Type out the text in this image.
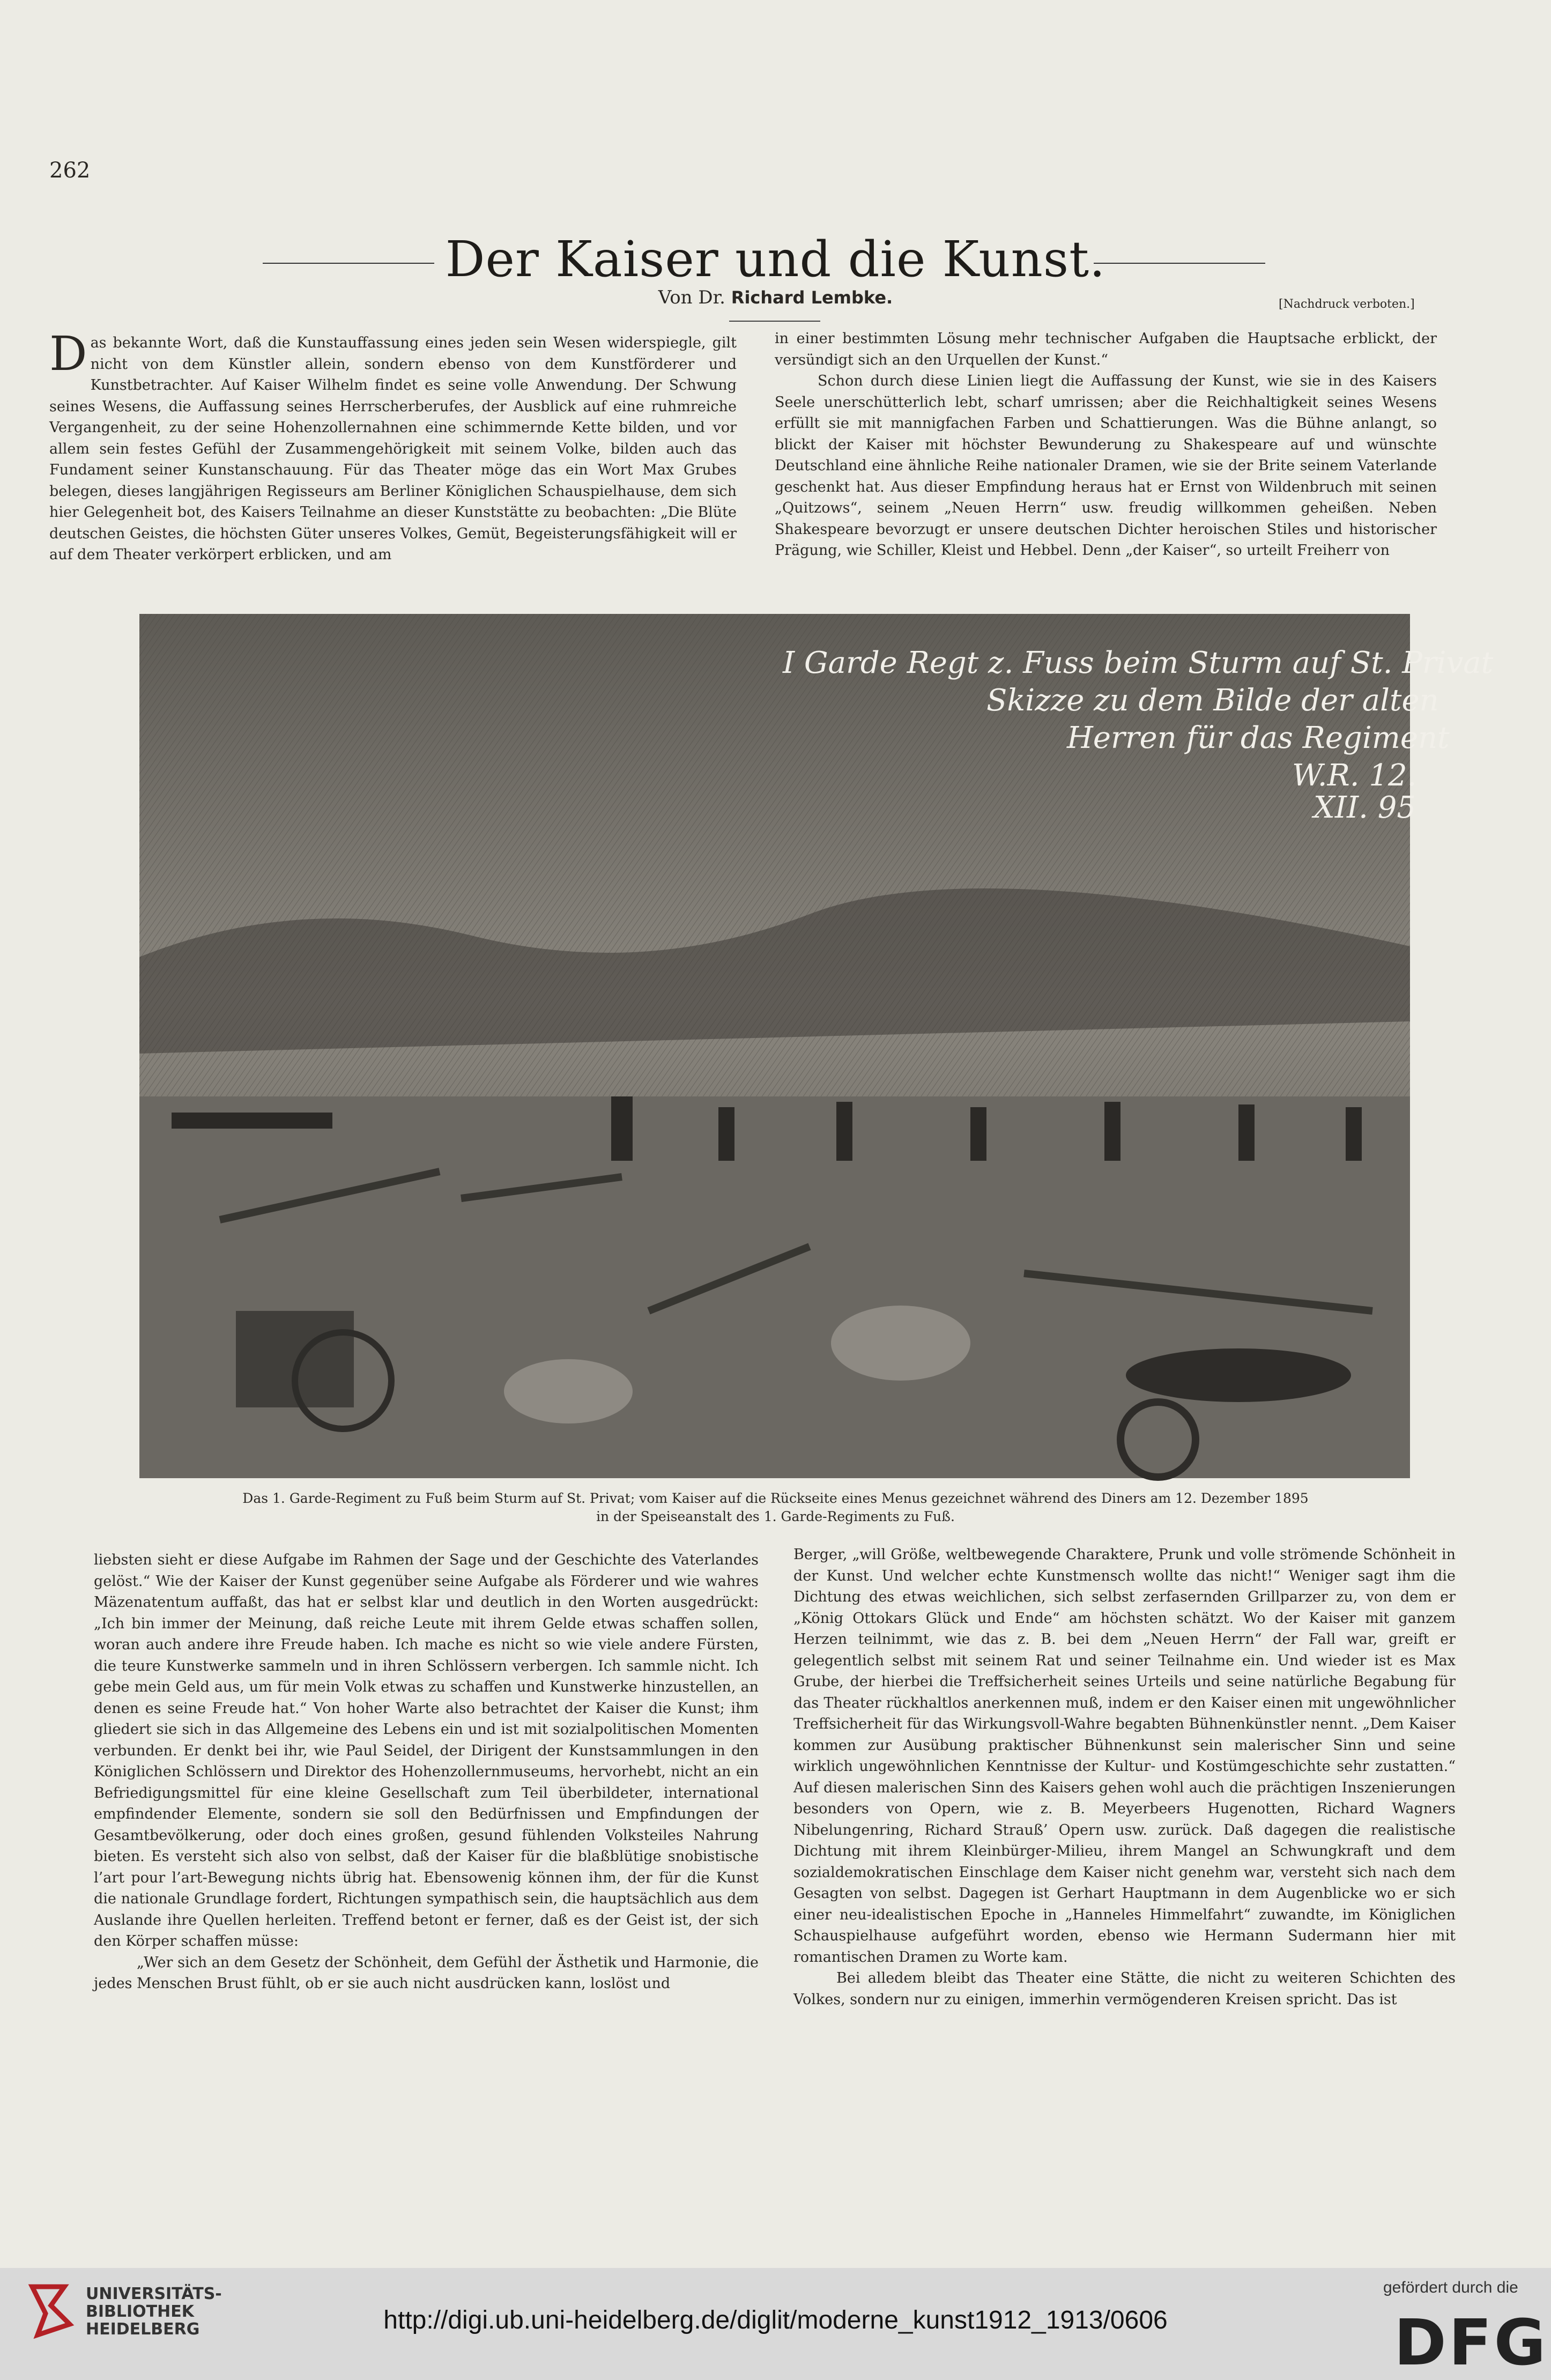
262
Der Kaiser und die Kunst.
Von Dr. Richard Lembke.	[Nachdruck verboten.]

Das bekannte Wort, daß die Kunstauffassung eines jeden sein Wesen widerspiegle, gilt nicht von dem Künstler allein, sondern ebenso von dem Kunstförderer und Kunstbetrachter. Auf Kaiser Wilhelm findet es seine volle Anwendung. Der Schwung seines Wesens, die Auffassung seines Herrscherberufes, der Ausblick auf eine ruhmreiche Vergangenheit, zu der seine Hohenzollernahnen eine schimmernde Kette bilden, und vor allem sein festes Gefühl der Zusammengehörigkeit mit seinem Volke, bilden auch das Fundament seiner Kunstanschauung. Für das Theater möge das ein Wort Max Grubes belegen, dieses langjährigen Regisseurs am Berliner Königlichen Schauspielhause, dem sich hier Gelegenheit bot, des Kaisers Teilnahme an dieser Kunststätte zu beobachten: „Die Blüte deutschen Geistes, die höchsten Güter unseres Volkes, Gemüt, Begeisterungsfähigkeit will er auf dem Theater verkörpert erblicken, und am

in einer bestimmten Lösung mehr technischer Aufgaben die Hauptsache erblickt, der versündigt sich an den Urquellen der Kunst.“

Schon durch diese Linien liegt die Auffassung der Kunst, wie sie in des Kaisers Seele unerschütterlich lebt, scharf umrissen; aber die Reichhaltigkeit seines Wesens erfüllt sie mit mannigfachen Farben und Schattierungen. Was die Bühne anlangt, so blickt der Kaiser mit höchster Bewunderung zu Shakespeare auf und wünschte Deutschland eine ähnliche Reihe nationaler Dramen, wie sie der Brite seinem Vaterlande geschenkt hat. Aus dieser Empfindung heraus hat er Ernst von Wildenbruch mit seinen „Quitzows“, seinem „Neuen Herrn“ usw. freudig willkommen geheißen. Neben Shakespeare bevorzugt er unsere deutschen Dichter heroischen Stiles und historischer Prägung, wie Schiller, Kleist und Hebbel. Denn „der Kaiser“, so urteilt Freiherr von

I Garde Regt z. Fuss beim Sturm auf St. Privat
Skizze zu dem Bilde der alten
Herren für das Regiment
W.R. 12.
XII. 95
Das 1. Garde-Regiment zu Fuß beim Sturm auf St. Privat; vom Kaiser auf die Rückseite eines Menus gezeichnet während des Diners am 12. Dezember 1895
in der Speiseanstalt des 1. Garde-Regiments zu Fuß.

liebsten sieht er diese Aufgabe im Rahmen der Sage und der Geschichte des Vaterlandes gelöst.“ Wie der Kaiser der Kunst gegenüber seine Aufgabe als Förderer und wie wahres Mäzenatentum auffaßt, das hat er selbst klar und deutlich in den Worten ausgedrückt: „Ich bin immer der Meinung, daß reiche Leute mit ihrem Gelde etwas schaffen sollen, woran auch andere ihre Freude haben. Ich mache es nicht so wie viele andere Fürsten, die teure Kunstwerke sammeln und in ihren Schlössern verbergen. Ich sammle nicht. Ich gebe mein Geld aus, um für mein Volk etwas zu schaffen und Kunstwerke hinzustellen, an denen es seine Freude hat.“ Von hoher Warte also betrachtet der Kaiser die Kunst; ihm gliedert sie sich in das Allgemeine des Lebens ein und ist mit sozialpolitischen Momenten verbunden. Er denkt bei ihr, wie Paul Seidel, der Dirigent der Kunstsammlungen in den Königlichen Schlössern und Direktor des Hohenzollernmuseums, hervorhebt, nicht an ein Befriedigungsmittel für eine kleine Gesellschaft zum Teil überbildeter, international empfindender Elemente, sondern sie soll den Bedürfnissen und Empfindungen der Gesamtbevölkerung, oder doch eines großen, gesund fühlenden Volksteiles Nahrung bieten. Es versteht sich also von selbst, daß der Kaiser für die blaßblütige snobistische l’art pour l’art-Bewegung nichts übrig hat. Ebensowenig können ihm, der für die Kunst die nationale Grundlage fordert, Richtungen sympathisch sein, die hauptsächlich aus dem Auslande ihre Quellen herleiten. Treffend betont er ferner, daß es der Geist ist, der sich den Körper schaffen müsse:

„Wer sich an dem Gesetz der Schönheit, dem Gefühl der Ästhetik und Harmonie, die jedes Menschen Brust fühlt, ob er sie auch nicht ausdrücken kann, loslöst und

Berger, „will Größe, weltbewegende Charaktere, Prunk und volle strömende Schönheit in der Kunst. Und welcher echte Kunstmensch wollte das nicht!“ Weniger sagt ihm die Dichtung des etwas weichlichen, sich selbst zerfasernden Grillparzer zu, von dem er „König Ottokars Glück und Ende“ am höchsten schätzt. Wo der Kaiser mit ganzem Herzen teilnimmt, wie das z. B. bei dem „Neuen Herrn“ der Fall war, greift er gelegentlich selbst mit seinem Rat und seiner Teilnahme ein. Und wieder ist es Max Grube, der hierbei die Treffsicherheit seines Urteils und seine natürliche Begabung für das Theater rückhaltlos anerkennen muß, indem er den Kaiser einen mit ungewöhnlicher Treffsicherheit für das Wirkungsvoll-Wahre begabten Bühnenkünstler nennt. „Dem Kaiser kommen zur Ausübung praktischer Bühnenkunst sein malerischer Sinn und seine wirklich ungewöhnlichen Kenntnisse der Kultur- und Kostümgeschichte sehr zustatten.“ Auf diesen malerischen Sinn des Kaisers gehen wohl auch die prächtigen Inszenierungen besonders von Opern, wie z. B. Meyerbeers Hugenotten, Richard Wagners Nibelungenring, Richard Strauß’ Opern usw. zurück. Daß dagegen die realistische Dichtung mit ihrem Kleinbürger-Milieu, ihrem Mangel an Schwungkraft und dem sozialdemokratischen Einschlage dem Kaiser nicht genehm war, versteht sich nach dem Gesagten von selbst. Dagegen ist Gerhart Hauptmann in dem Augenblicke wo er sich einer neu-idealistischen Epoche in „Hanneles Himmelfahrt“ zuwandte, im Königlichen Schauspielhause aufgeführt worden, ebenso wie Hermann Sudermann hier mit romantischen Dramen zu Worte kam.

Bei alledem bleibt das Theater eine Stätte, die nicht zu weiteren Schichten des Volkes, sondern nur zu einigen, immerhin vermögenderen Kreisen spricht. Das ist

UNIVERSITÄTS-
BIBLIOTHEK
HEIDELBERG	http://digi.ub.uni-heidelberg.de/diglit/moderne_kunst1912_1913/0606
gefördert durch die
DFG
